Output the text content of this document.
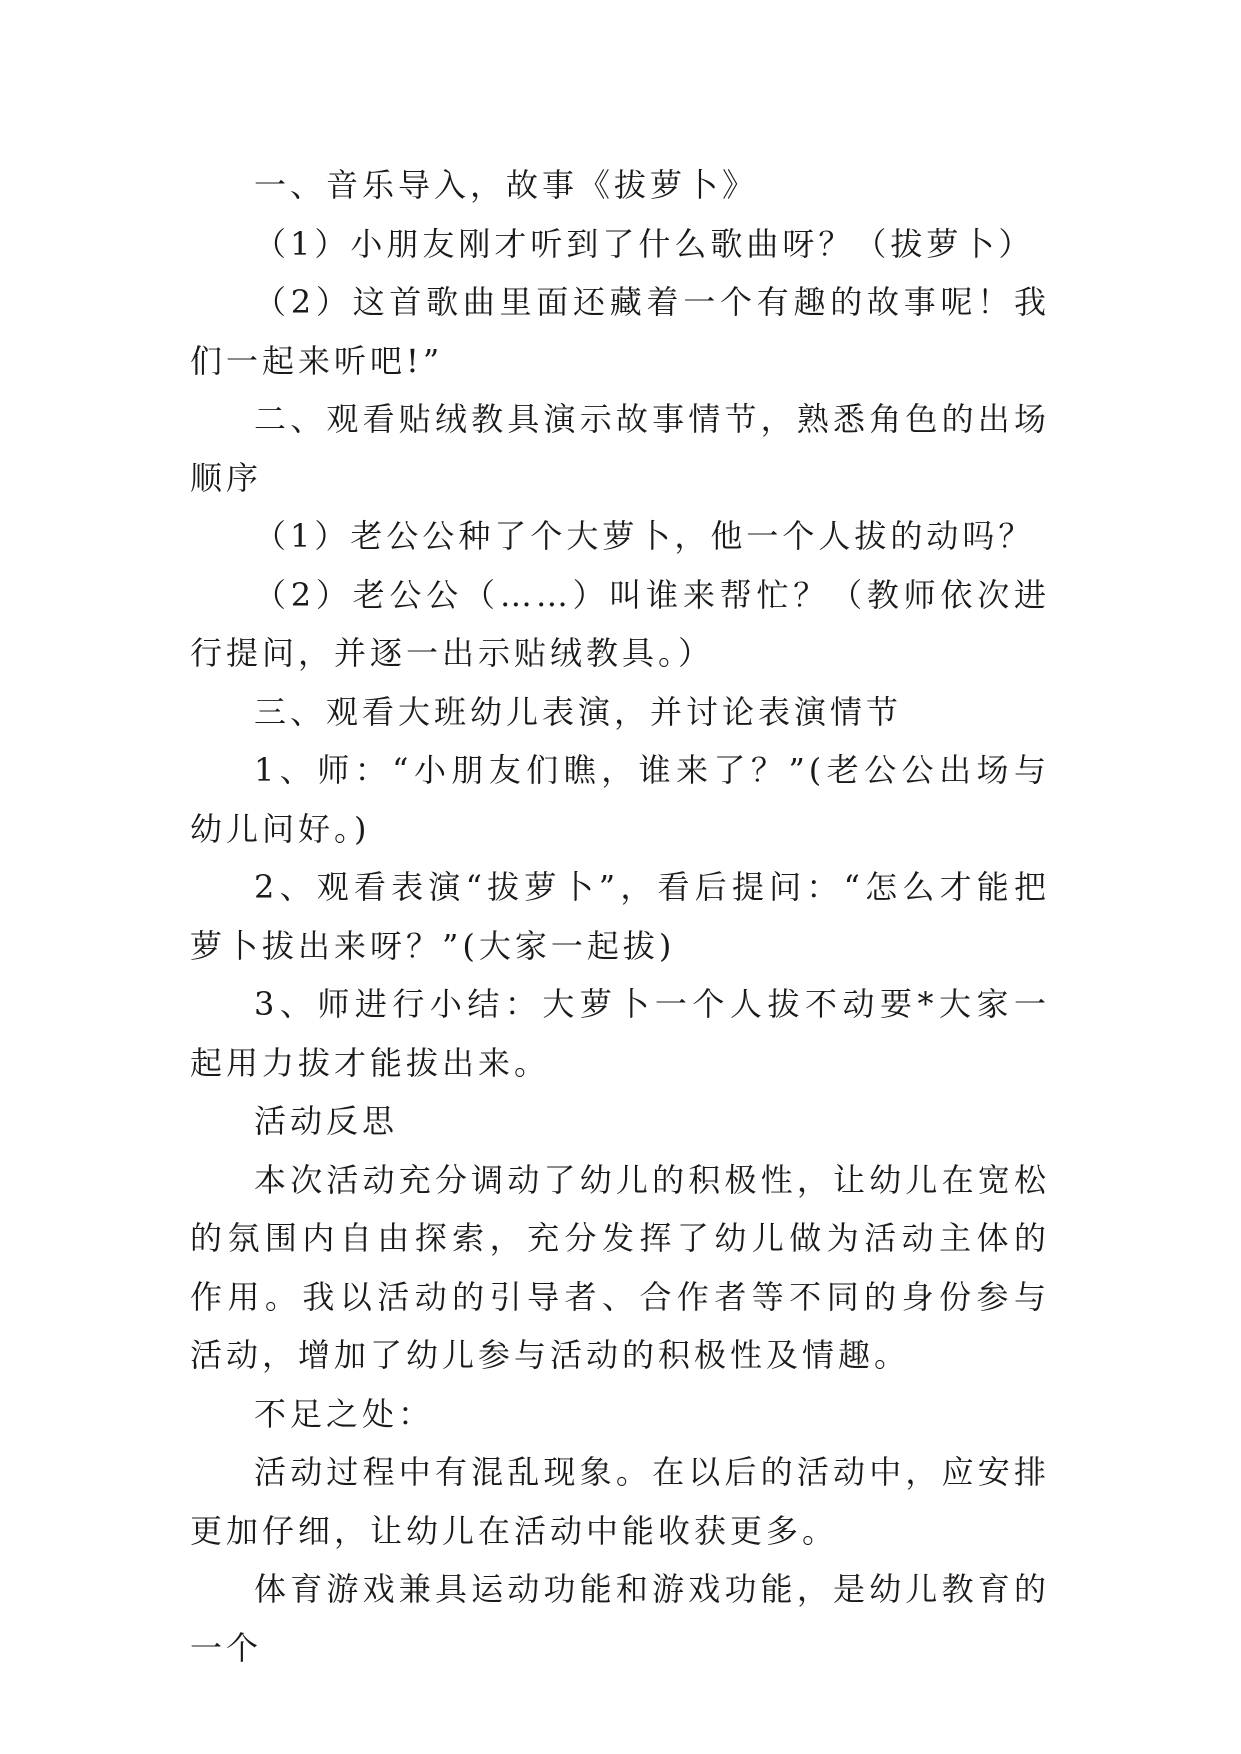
一、音乐导入，故事《拔萝卜》

（1）小朋友刚才听到了什么歌曲呀？（拔萝卜）

（2）这首歌曲里面还藏着一个有趣的故事呢！我们一起来听吧!”

二、观看贴绒教具演示故事情节，熟悉角色的出场顺序

（1）老公公种了个大萝卜，他一个人拔的动吗？

（2）老公公（……）叫谁来帮忙？（教师依次进行提问，并逐一出示贴绒教具。）

三、观看大班幼儿表演，并讨论表演情节

1、师：“小朋友们瞧，谁来了？”(老公公出场与幼儿问好。)

2、观看表演“拔萝卜”，看后提问：“怎么才能把萝卜拔出来呀？”(大家一起拔)

3、师进行小结：大萝卜一个人拔不动要*大家一起用力拔才能拔出来。

活动反思

本次活动充分调动了幼儿的积极性，让幼儿在宽松的氛围内自由探索，充分发挥了幼儿做为活动主体的作用。我以活动的引导者、合作者等不同的身份参与活动，增加了幼儿参与活动的积极性及情趣。

不足之处：

活动过程中有混乱现象。在以后的活动中，应安排更加仔细，让幼儿在活动中能收获更多。

体育游戏兼具运动功能和游戏功能，是幼儿教育的一个
